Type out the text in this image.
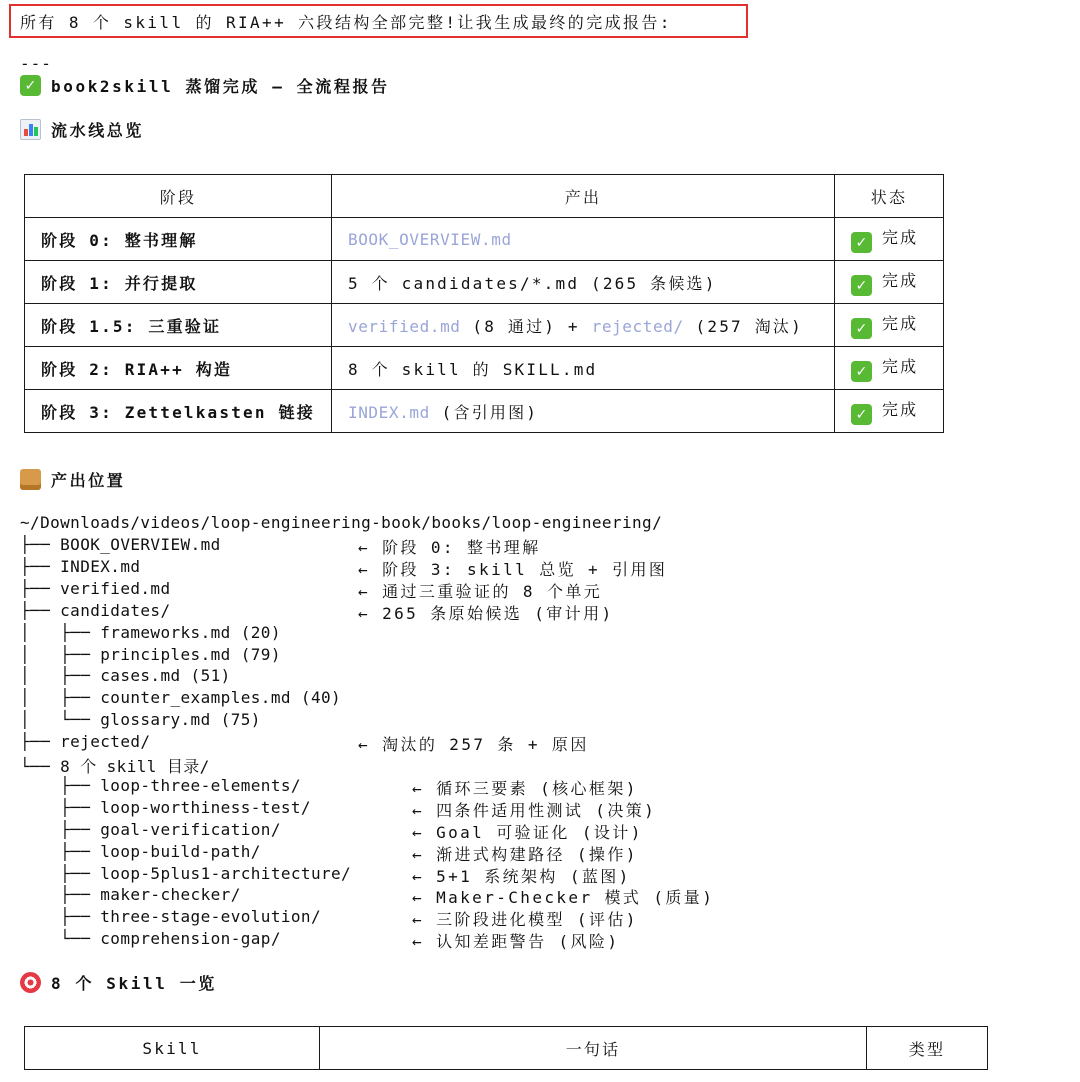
所有 8 个 skill 的 RIA++ 六段结构全部完整!让我生成最终的完成报告:
---
✓ book2skill 蒸馏完成 — 全流程报告
流水线总览
阶段	产出	状态
阶段 0: 整书理解	BOOK_OVERVIEW.md	✓ 完成
阶段 1: 并行提取	5 个 candidates/*.md (265 条候选)	✓ 完成
阶段 1.5: 三重验证	verified.md (8 通过) + rejected/ (257 淘汰)	✓ 完成
阶段 2: RIA++ 构造	8 个 skill 的 SKILL.md	✓ 完成
阶段 3: Zettelkasten 链接	INDEX.md (含引用图)	✓ 完成
产出位置
~/Downloads/videos/loop-engineering-book/books/loop-engineering/
├── BOOK_OVERVIEW.md	← 阶段 0: 整书理解
├── INDEX.md	← 阶段 3: skill 总览 + 引用图
├── verified.md	← 通过三重验证的 8 个单元
├── candidates/	← 265 条原始候选 (审计用)
│   ├── frameworks.md (20)
│   ├── principles.md (79)
│   ├── cases.md (51)
│   ├── counter_examples.md (40)
│   └── glossary.md (75)
├── rejected/	← 淘汰的 257 条 + 原因
└── 8 个 skill 目录/
├── loop-three-elements/	← 循环三要素 (核心框架)
├── loop-worthiness-test/	← 四条件适用性测试 (决策)
├── goal-verification/	← Goal 可验证化 (设计)
├── loop-build-path/	← 渐进式构建路径 (操作)
├── loop-5plus1-architecture/	← 5+1 系统架构 (蓝图)
├── maker-checker/	← Maker-Checker 模式 (质量)
├── three-stage-evolution/	← 三阶段进化模型 (评估)
└── comprehension-gap/	← 认知差距警告 (风险)
8 个 Skill 一览
Skill	一句话	类型
